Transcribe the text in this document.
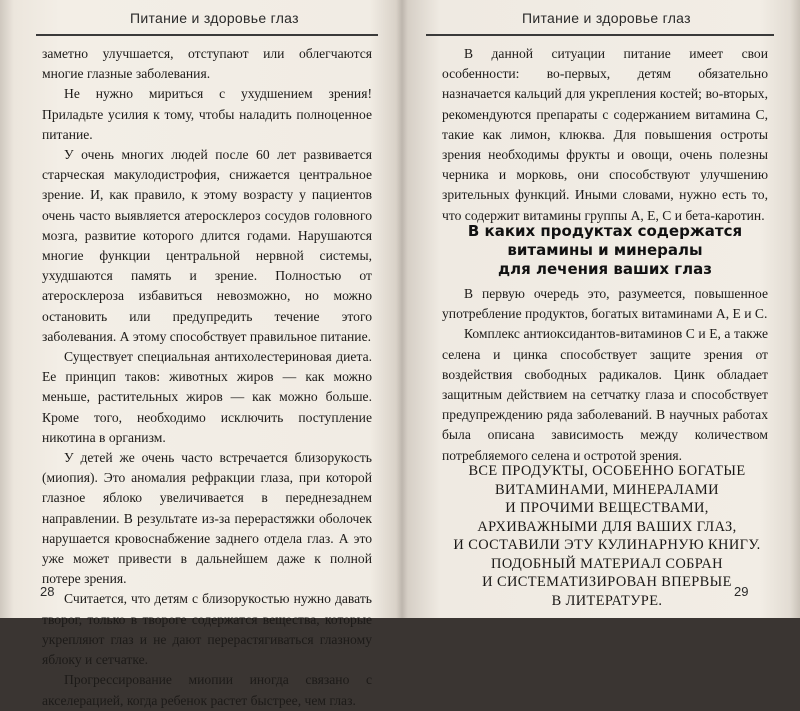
Питание и здоровье глаз

заметно улучшается, отступают или облегчаются многие глазные заболевания.

Не нужно мириться с ухудшением зрения! Приладьте усилия к тому, чтобы наладить полноценное питание.

У очень многих людей после 60 лет развивается старческая макулодистрофия, снижается центральное зрение. И, как правило, к этому возрасту у пациентов очень часто выявляется атеросклероз сосудов головного мозга, развитие которого длится годами. Нарушаются многие функции центральной нервной системы, ухудшаются память и зрение. Полностью от атеросклероза избавиться невозможно, но можно остановить или предупредить течение этого заболевания. А этому способствует правильное питание.

Существует специальная антихолестериновая диета. Ее принцип таков: животных жиров — как можно меньше, растительных жиров — как можно больше. Кроме того, необходимо исключить поступление никотина в организм.

У детей же очень часто встречается близорукость (миопия). Это аномалия рефракции глаза, при которой глазное яблоко увеличивается в переднезаднем направлении. В результате из-за перерастяжки оболочек нарушается кровоснабжение заднего отдела глаз. А это уже может привести в дальнейшем даже к полной потере зрения.

Считается, что детям с близорукостью нужно давать творог, только в твороге содержатся вещества, которые укрепляют глаз и не дают перерастягиваться глазному яблоку и сетчатке.

Прогрессирование миопии иногда связано с акселерацией, когда ребенок растет быстрее, чем глаз.

28
Питание и здоровье глаз

В данной ситуации питание имеет свои особенности: во-первых, детям обязательно назначается кальций для укрепления костей; во-вторых, рекомендуются препараты с содержанием витамина С, такие как лимон, клюква. Для повышения остроты зрения необходимы фрукты и овощи, очень полезны черника и морковь, они способствуют улучшению зрительных функций. Иными словами, нужно есть то, что содержит витамины группы А, Е, С и бета-каротин.

В каких продуктах содержатся
витамины и минералы
для лечения ваших глаз

В первую очередь это, разумеется, повышенное употребление продуктов, богатых витаминами А, Е и С.

Комплекс антиоксидантов-витаминов С и Е, а также селена и цинка способствует защите зрения от воздействия свободных радикалов. Цинк обладает защитным действием на сетчатку глаза и способствует предупреждению ряда заболеваний. В научных работах была описана зависимость между количеством потребляемого селена и остротой зрения.

ВСЕ ПРОДУКТЫ, ОСОБЕННО БОГАТЫЕ
ВИТАМИНАМИ, МИНЕРАЛАМИ
И ПРОЧИМИ ВЕЩЕСТВАМИ,
АРХИВАЖНЫМИ ДЛЯ ВАШИХ ГЛАЗ,
И СОСТАВИЛИ ЭТУ КУЛИНАРНУЮ КНИГУ.
ПОДОБНЫЙ МАТЕРИАЛ СОБРАН
И СИСТЕМАТИЗИРОВАН ВПЕРВЫЕ
В ЛИТЕРАТУРЕ.
29
